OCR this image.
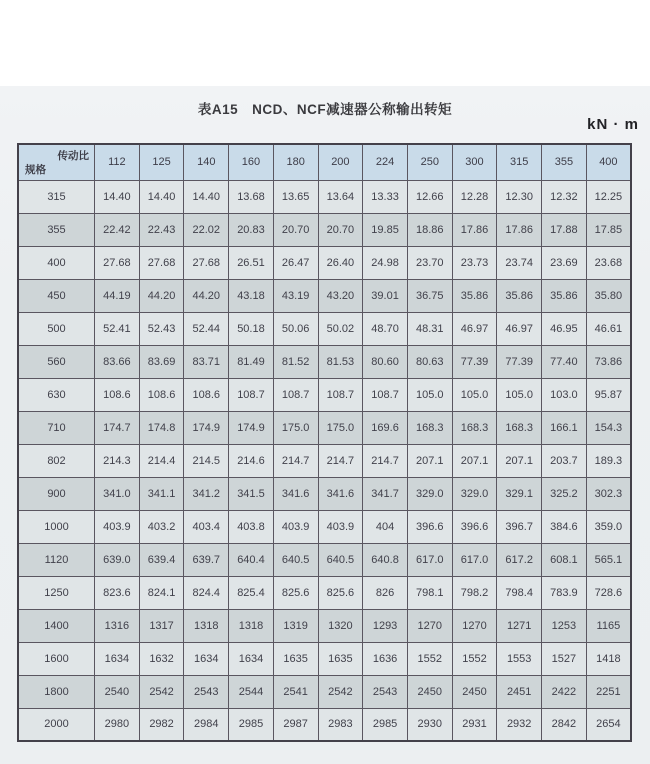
表A15　NCD、NCF减速器公称输出转矩
kN · m
传动比
规格	112	125	140	160	180	200	224	250	300	315	355	400
315	14.40	14.40	14.40	13.68	13.65	13.64	13.33	12.66	12.28	12.30	12.32	12.25
355	22.42	22.43	22.02	20.83	20.70	20.70	19.85	18.86	17.86	17.86	17.88	17.85
400	27.68	27.68	27.68	26.51	26.47	26.40	24.98	23.70	23.73	23.74	23.69	23.68
450	44.19	44.20	44.20	43.18	43.19	43.20	39.01	36.75	35.86	35.86	35.86	35.80
500	52.41	52.43	52.44	50.18	50.06	50.02	48.70	48.31	46.97	46.97	46.95	46.61
560	83.66	83.69	83.71	81.49	81.52	81.53	80.60	80.63	77.39	77.39	77.40	73.86
630	108.6	108.6	108.6	108.7	108.7	108.7	108.7	105.0	105.0	105.0	103.0	95.87
710	174.7	174.8	174.9	174.9	175.0	175.0	169.6	168.3	168.3	168.3	166.1	154.3
802	214.3	214.4	214.5	214.6	214.7	214.7	214.7	207.1	207.1	207.1	203.7	189.3
900	341.0	341.1	341.2	341.5	341.6	341.6	341.7	329.0	329.0	329.1	325.2	302.3
1000	403.9	403.2	403.4	403.8	403.9	403.9	404	396.6	396.6	396.7	384.6	359.0
1120	639.0	639.4	639.7	640.4	640.5	640.5	640.8	617.0	617.0	617.2	608.1	565.1
1250	823.6	824.1	824.4	825.4	825.6	825.6	826	798.1	798.2	798.4	783.9	728.6
1400	1316	1317	1318	1318	1319	1320	1293	1270	1270	1271	1253	1165
1600	1634	1632	1634	1634	1635	1635	1636	1552	1552	1553	1527	1418
1800	2540	2542	2543	2544	2541	2542	2543	2450	2450	2451	2422	2251
2000	2980	2982	2984	2985	2987	2983	2985	2930	2931	2932	2842	2654
